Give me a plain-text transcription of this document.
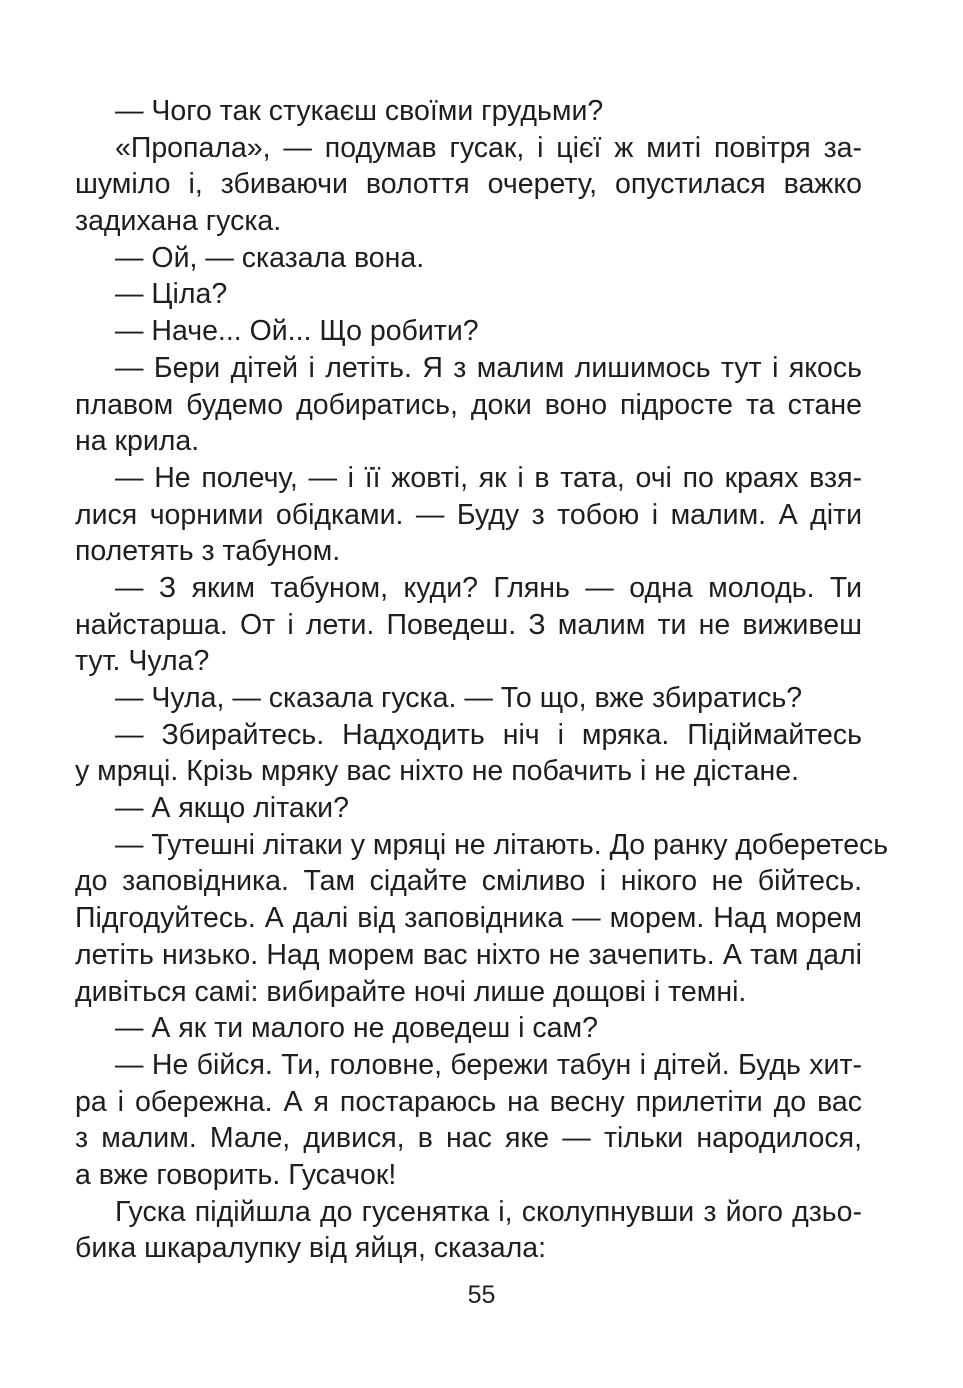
— Чого так стукаєш своїми грудьми?
«Пропала», — подумав гусак, і цієї ж миті повітря за-
шуміло і, збиваючи волоття очерету, опустилася важко
задихана гуска.
— Ой, — сказала вона.
— Ціла?
— Наче... Ой... Що робити?
— Бери дітей і летіть. Я з малим лишимось тут і якось
плавом будемо добиратись, доки воно підросте та стане
на крила.
— Не полечу, — і її жовті, як і в тата, очі по краях взя-
лися чорними обідками. — Буду з тобою і малим. А діти
полетять з табуном.
— З яким табуном, куди? Глянь — одна молодь. Ти
найстарша. От і лети. Поведеш. З малим ти не виживеш
тут. Чула?
— Чула, — сказала гуска. — То що, вже збиратись?
— Збирайтесь. Надходить ніч і мряка. Підіймайтесь
у мряці. Крізь мряку вас ніхто не побачить і не дістане.
— А якщо літаки?
— Тутешні літаки у мряці не літають. До ранку доберетесь
до заповідника. Там сідайте сміливо і нікого не бійтесь.
Підгодуйтесь. А далі від заповідника — морем. Над морем
летіть низько. Над морем вас ніхто не зачепить. А там далі
дивіться самі: вибирайте ночі лише дощові і темні.
— А як ти малого не доведеш і сам?
— Не бійся. Ти, головне, бережи табун і дітей. Будь хит-
ра і обережна. А я постараюсь на весну прилетіти до вас
з малим. Мале, дивися, в нас яке — тільки народилося,
а вже говорить. Гусачок!
Гуска підійшла до гусенятка і, сколупнувши з його дзьо-
бика шкаралупку від яйця, сказала:
55
